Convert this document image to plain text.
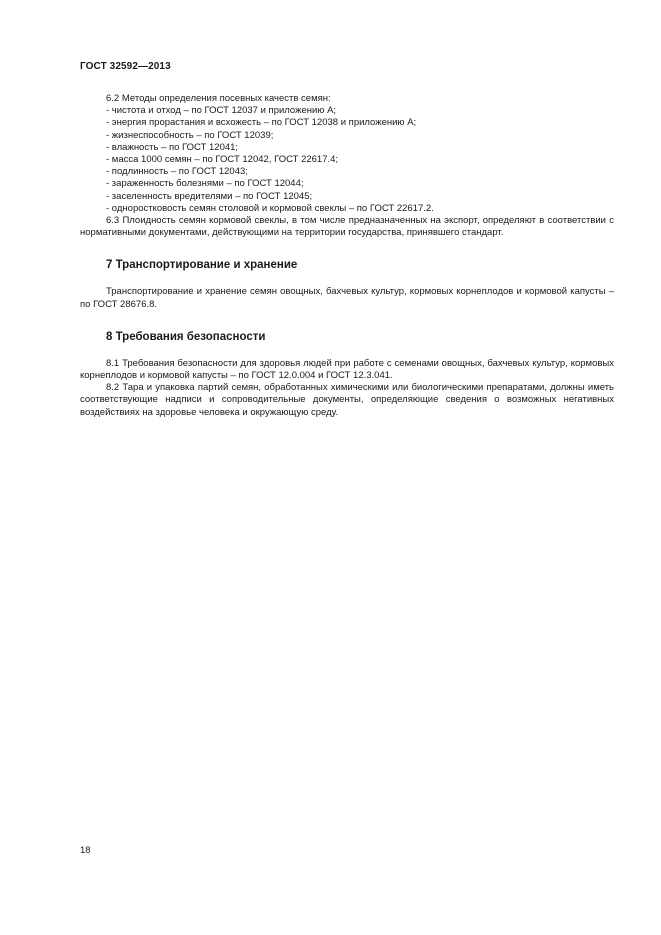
ГОСТ 32592—2013
6.2 Методы определения посевных качеств семян:
- чистота и отход – по ГОСТ 12037 и приложению А;
- энергия прорастания и всхожесть – по ГОСТ 12038 и приложению А;
- жизнеспособность – по ГОСТ 12039;
- влажность – по ГОСТ 12041;
- масса 1000 семян – по ГОСТ 12042, ГОСТ 22617.4;
- подлинность – по ГОСТ 12043;
- зараженность болезнями – по ГОСТ 12044;
- заселенность вредителями – по ГОСТ 12045;
- одноростковость семян столовой и кормовой свеклы – по ГОСТ 22617.2.
6.3 Плоидность семян кормовой свеклы, в том числе предназначенных на экспорт, определяют в соответствии с нормативными документами, действующими на территории государства, принявшего стандарт.
7 Транспортирование и хранение
Транспортирование и хранение семян овощных, бахчевых культур, кормовых корнеплодов и кормовой капусты – по ГОСТ 28676.8.
8 Требования безопасности
8.1 Требования безопасности для здоровья людей при работе с семенами овощных, бахчевых культур, кормовых корнеплодов и кормовой капусты – по ГОСТ 12.0.004 и ГОСТ 12.3.041.
8.2 Тара и упаковка партий семян, обработанных химическими или биологическими препаратами, должны иметь соответствующие надписи и сопроводительные документы, определяющие сведения о возможных негативных воздействиях на здоровье человека и окружающую среду.
18
